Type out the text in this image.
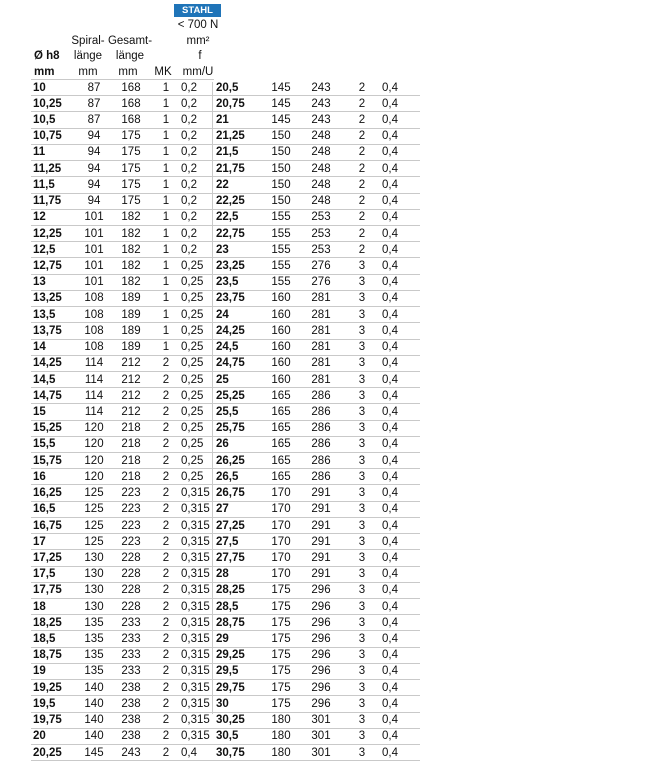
STAHL
< 700 N
mm²
Spiral- Gesamt-
Ø h8	länge	länge	f
mm	mm	mm	MK mm/U
10	87	168	1	0,2
10,25	87	168	1	0,2
10,5	87	168	1	0,2
10,75	94	175	1	0,2
11	94	175	1	0,2
11,25	94	175	1	0,2
11,5	94	175	1	0,2
11,75	94	175	1	0,2
12	101	182	1	0,2
12,25	101	182	1	0,2
12,5	101	182	1	0,2
12,75	101	182	1	0,25
13	101	182	1	0,25
13,25	108	189	1	0,25
13,5	108	189	1	0,25
13,75	108	189	1	0,25
14	108	189	1	0,25
14,25	114	212	2	0,25
14,5	114	212	2	0,25
14,75	114	212	2	0,25
15	114	212	2	0,25
15,25	120	218	2	0,25
15,5	120	218	2	0,25
15,75	120	218	2	0,25
16	120	218	2	0,25
16,25	125	223	2	0,315
16,5	125	223	2	0,315
16,75	125	223	2	0,315
17	125	223	2	0,315
17,25	130	228	2	0,315
17,5	130	228	2	0,315
17,75	130	228	2	0,315
18	130	228	2	0,315
18,25	135	233	2	0,315
18,5	135	233	2	0,315
18,75	135	233	2	0,315
19	135	233	2	0,315
19,25	140	238	2	0,315
19,5	140	238	2	0,315
19,75	140	238	2	0,315
20	140	238	2	0,315
20,25	145	243	2	0,4
20,5	145	243	2	0,4
20,75	145	243	2	0,4
21	145	243	2	0,4
21,25	150	248	2	0,4
21,5	150	248	2	0,4
21,75	150	248	2	0,4
22	150	248	2	0,4
22,25	150	248	2	0,4
22,5	155	253	2	0,4
22,75	155	253	2	0,4
23	155	253	2	0,4
23,25	155	276	3	0,4
23,5	155	276	3	0,4
23,75	160	281	3	0,4
24	160	281	3	0,4
24,25	160	281	3	0,4
24,5	160	281	3	0,4
24,75	160	281	3	0,4
25	160	281	3	0,4
25,25	165	286	3	0,4
25,5	165	286	3	0,4
25,75	165	286	3	0,4
26	165	286	3	0,4
26,25	165	286	3	0,4
26,5	165	286	3	0,4
26,75	170	291	3	0,4
27	170	291	3	0,4
27,25	170	291	3	0,4
27,5	170	291	3	0,4
27,75	170	291	3	0,4
28	170	291	3	0,4
28,25	175	296	3	0,4
28,5	175	296	3	0,4
28,75	175	296	3	0,4
29	175	296	3	0,4
29,25	175	296	3	0,4
29,5	175	296	3	0,4
29,75	175	296	3	0,4
30	175	296	3	0,4
30,25	180	301	3	0,4
30,5	180	301	3	0,4
30,75	180	301	3	0,4
